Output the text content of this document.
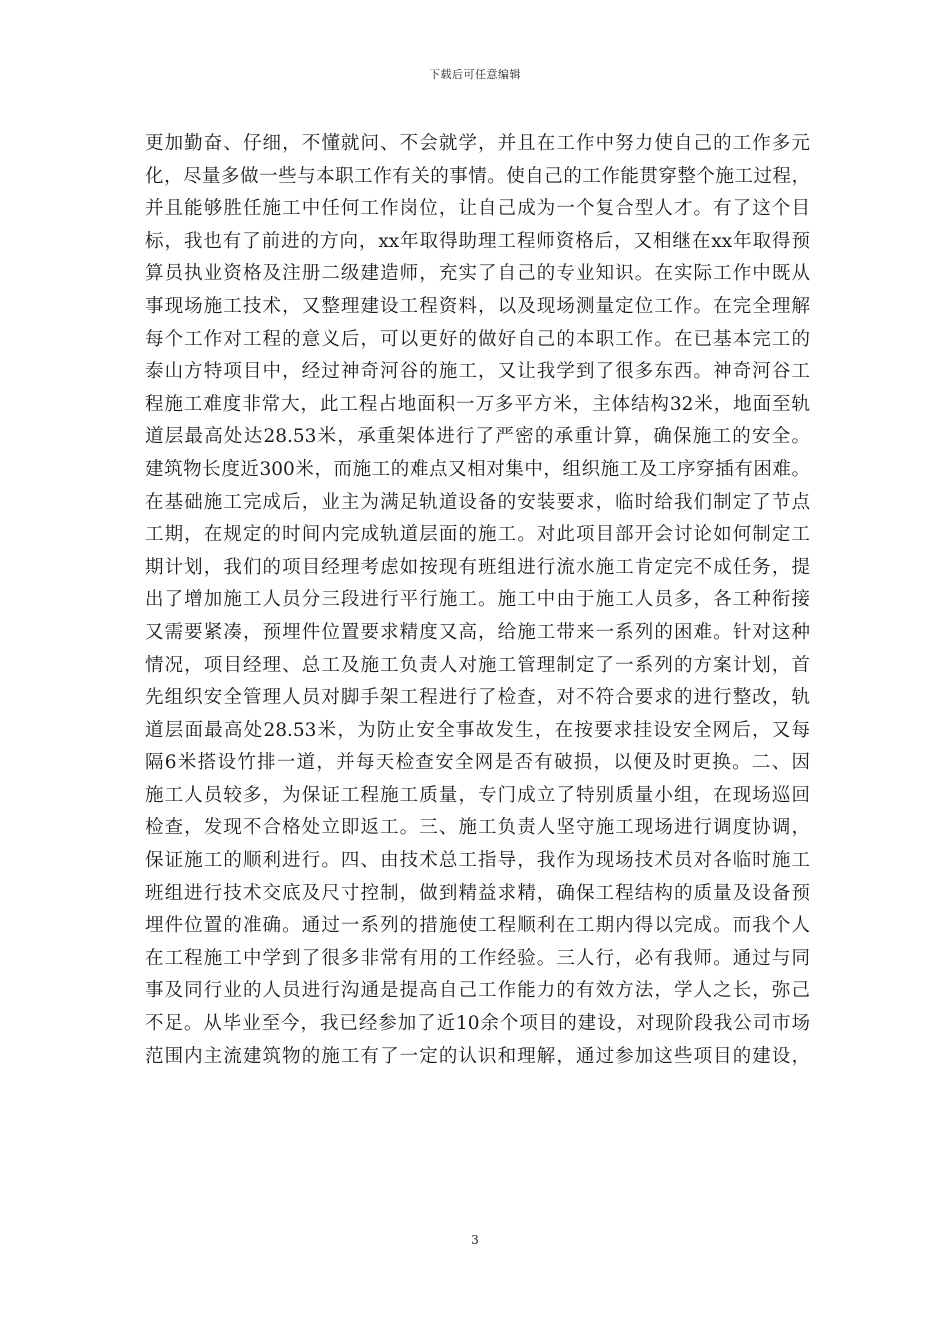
下载后可任意编辑
更加勤奋、仔细，不懂就问、不会就学，并且在工作中努力使自己的工作多元
化，尽量多做一些与本职工作有关的事情。使自己的工作能贯穿整个施工过程，
并且能够胜任施工中任何工作岗位，让自己成为一个复合型人才。有了这个目
标，我也有了前进的方向，xx年取得助理工程师资格后，又相继在xx年取得预
算员执业资格及注册二级建造师，充实了自己的专业知识。在实际工作中既从
事现场施工技术，又整理建设工程资料，以及现场测量定位工作。在完全理解
每个工作对工程的意义后，可以更好的做好自己的本职工作。在已基本完工的
泰山方特项目中，经过神奇河谷的施工，又让我学到了很多东西。神奇河谷工
程施工难度非常大，此工程占地面积一万多平方米，主体结构32米，地面至轨
道层最高处达28.53米，承重架体进行了严密的承重计算，确保施工的安全。
建筑物长度近300米，而施工的难点又相对集中，组织施工及工序穿插有困难。
在基础施工完成后，业主为满足轨道设备的安装要求，临时给我们制定了节点
工期，在规定的时间内完成轨道层面的施工。对此项目部开会讨论如何制定工
期计划，我们的项目经理考虑如按现有班组进行流水施工肯定完不成任务，提
出了增加施工人员分三段进行平行施工。施工中由于施工人员多，各工种衔接
又需要紧凑，预埋件位置要求精度又高，给施工带来一系列的困难。针对这种
情况，项目经理、总工及施工负责人对施工管理制定了一系列的方案计划，首
先组织安全管理人员对脚手架工程进行了检查，对不符合要求的进行整改，轨
道层面最高处28.53米，为防止安全事故发生，在按要求挂设安全网后，又每
隔6米搭设竹排一道，并每天检查安全网是否有破损，以便及时更换。二、因
施工人员较多，为保证工程施工质量，专门成立了特别质量小组，在现场巡回
检查，发现不合格处立即返工。三、施工负责人坚守施工现场进行调度协调，
保证施工的顺利进行。四、由技术总工指导，我作为现场技术员对各临时施工
班组进行技术交底及尺寸控制，做到精益求精，确保工程结构的质量及设备预
埋件位置的准确。通过一系列的措施使工程顺利在工期内得以完成。而我个人
在工程施工中学到了很多非常有用的工作经验。三人行，必有我师。通过与同
事及同行业的人员进行沟通是提高自己工作能力的有效方法，学人之长，弥己
不足。从毕业至今，我已经参加了近10余个项目的建设，对现阶段我公司市场
范围内主流建筑物的施工有了一定的认识和理解，通过参加这些项目的建设，
3
